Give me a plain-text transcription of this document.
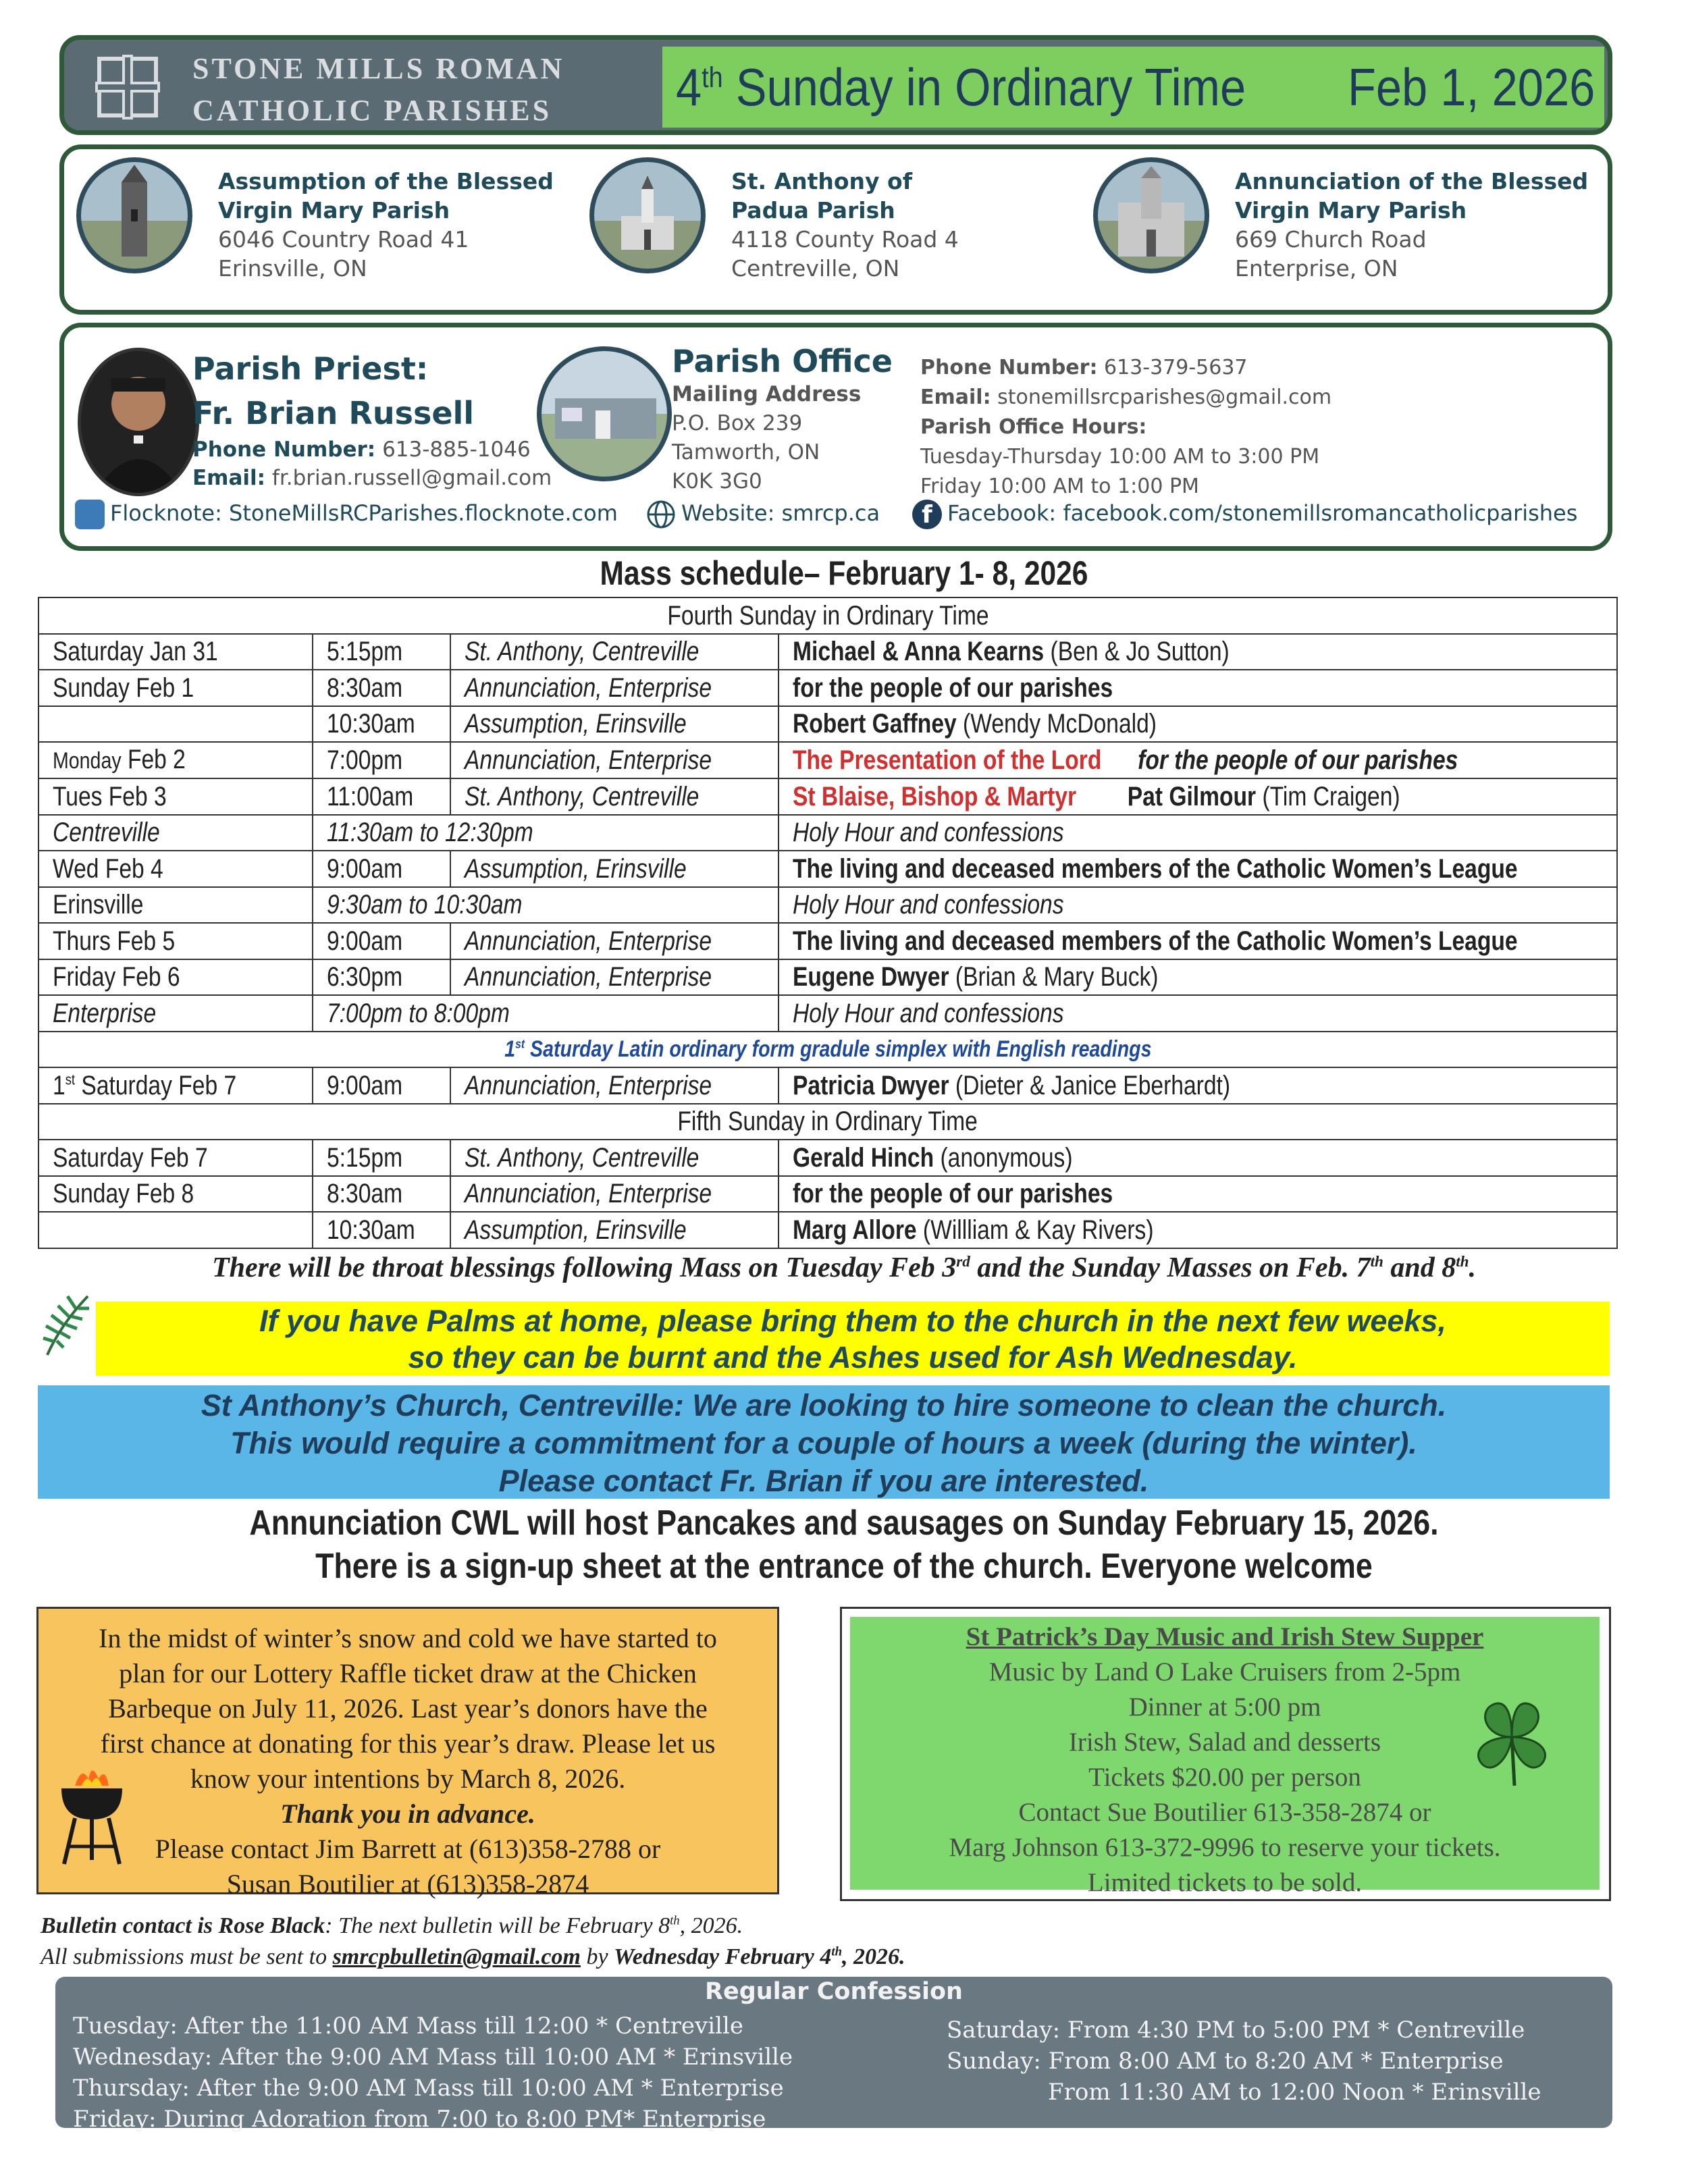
STONE MILLS ROMAN
CATHOLIC PARISHES	4th Sunday in Ordinary Time Feb 1, 2026
Assumption of the Blessed
Virgin Mary Parish
6046 Country Road 41
Erinsville, ON
St. Anthony of
Padua Parish
4118 County Road 4
Centreville, ON
Annunciation of the Blessed
Virgin Mary Parish
669 Church Road
Enterprise, ON
Parish Priest:
Fr. Brian Russell
Phone Number: 613-885-1046
Email: fr.brian.russell@gmail.com
Parish Office
Mailing Address
P.O. Box 239
Tamworth, ON
K0K 3G0
Phone Number: 613-379-5637
Email: stonemillsrcparishes@gmail.com
Parish Office Hours:
Tuesday-Thursday 10:00 AM to 3:00 PM
Friday 10:00 AM to 1:00 PM
Flocknote: StoneMillsRCParishes.flocknote.com	Website: smrcp.ca	f Facebook: facebook.com/stonemillsromancatholicparishes
Mass schedule– February 1- 8, 2026
Fourth Sunday in Ordinary Time			
Saturday Jan 31	5:15pm	St. Anthony, Centreville	Michael & Anna Kearns (Ben & Jo Sutton)
Sunday Feb 1	8:30am	Annunciation, Enterprise	for the people of our parishes
	10:30am	Assumption, Erinsville	Robert Gaffney (Wendy McDonald)
Monday Feb 2	7:00pm	Annunciation, Enterprise	The Presentation of the Lord for the people of our parishes
Tues Feb 3	11:00am	St. Anthony, Centreville	St Blaise, Bishop & Martyr Pat Gilmour (Tim Craigen)
Centreville	11:30am to 12:30pm		Holy Hour and confessions
Wed Feb 4	9:00am	Assumption, Erinsville	The living and deceased members of the Catholic Women’s League
Erinsville	9:30am to 10:30am		Holy Hour and confessions
Thurs Feb 5	9:00am	Annunciation, Enterprise	The living and deceased members of the Catholic Women’s League
Friday Feb 6	6:30pm	Annunciation, Enterprise	Eugene Dwyer (Brian & Mary Buck)
Enterprise	7:00pm to 8:00pm		Holy Hour and confessions
1st Saturday Latin ordinary form gradule simplex with English readings			
1st Saturday Feb 7	9:00am	Annunciation, Enterprise	Patricia Dwyer (Dieter & Janice Eberhardt)
Fifth Sunday in Ordinary Time			
Saturday Feb 7	5:15pm	St. Anthony, Centreville	Gerald Hinch (anonymous)
Sunday Feb 8	8:30am	Annunciation, Enterprise	for the people of our parishes
	10:30am	Assumption, Erinsville	Marg Allore (Willliam & Kay Rivers)
There will be throat blessings following Mass on Tuesday Feb 3rd and the Sunday Masses on Feb. 7th and 8th.
If you have Palms at home, please bring them to the church in the next few weeks,
so they can be burnt and the Ashes used for Ash Wednesday.
St Anthony’s Church, Centreville: We are looking to hire someone to clean the church.
This would require a commitment for a couple of hours a week (during the winter).
Please contact Fr. Brian if you are interested.
Annunciation CWL will host Pancakes and sausages on Sunday February 15, 2026.
There is a sign-up sheet at the entrance of the church. Everyone welcome
In the midst of winter’s snow and cold we have started to
plan for our Lottery Raffle ticket draw at the Chicken
Barbeque on July 11, 2026. Last year’s donors have the
first chance at donating for this year’s draw. Please let us
know your intentions by March 8, 2026.
Thank you in advance.
Please contact Jim Barrett at (613)358-2788 or
Susan Boutilier at (613)358-2874
St Patrick’s Day Music and Irish Stew Supper
Music by Land O Lake Cruisers from 2-5pm
Dinner at 5:00 pm
Irish Stew, Salad and desserts
Tickets $20.00 per person
Contact Sue Boutilier 613-358-2874 or
Marg Johnson 613-372-9996 to reserve your tickets.
Limited tickets to be sold.
Bulletin contact is Rose Black: The next bulletin will be February 8th, 2026.
All submissions must be sent to smrcpbulletin@gmail.com by Wednesday February 4th, 2026.
Regular Confession
Tuesday: After the 11:00 AM Mass till 12:00 * Centreville
Wednesday: After the 9:00 AM Mass till 10:00 AM * Erinsville
Thursday: After the 9:00 AM Mass till 10:00 AM * Enterprise
Friday: During Adoration from 7:00 to 8:00 PM* Enterprise
Saturday: From 4:30 PM to 5:00 PM * Centreville
Sunday: From 8:00 AM to 8:20 AM * Enterprise
From 11:30 AM to 12:00 Noon * Erinsville
